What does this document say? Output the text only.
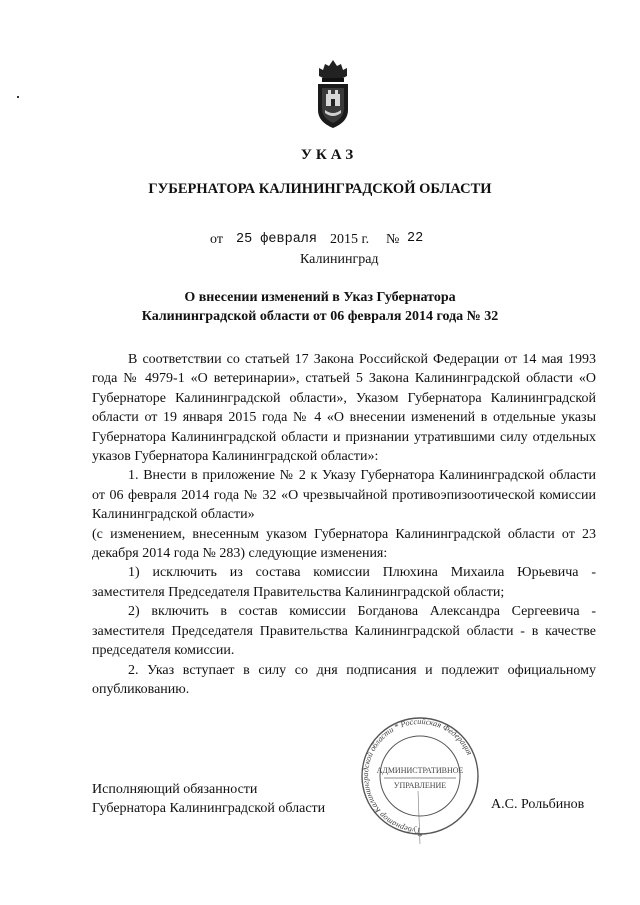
УКАЗ
ГУБЕРНАТОРА КАЛИНИНГРАДСКОЙ ОБЛАСТИ
от 25 февраля 2015 г. № 22
Калининград
О внесении изменений в Указ Губернатора
Калининградской области от 06 февраля 2014 года № 32

В соответствии со статьей 17 Закона Российской Федерации от 14 мая 1993 года № 4979-1 «О ветеринарии», статьей 5 Закона Калининградской области «О Губернаторе Калининградской области», Указом Губернатора Калининградской области от 19 января 2015 года № 4 «О внесении изменений в отдельные указы Губернатора Калининградской области и признании утратившими силу отдельных указов Губернатора Калининградской области»:

1. Внести в приложение № 2 к Указу Губернатора Калининградской области от 06 февраля 2014 года № 32 «О чрезвычайной противоэпизоотической комиссии Калининградской области»

(с изменением, внесенным указом Губернатора Калининградской области от 23 декабря 2014 года № 283) следующие изменения:

1) исключить из состава комиссии Плюхина Михаила Юрьевича - заместителя Председателя Правительства Калининградской области;

2) включить в состав комиссии Богданова Александра Сергеевича - заместителя Председателя Правительства Калининградской области - в качестве председателя комиссии.

2. Указ вступает в силу со дня подписания и подлежит официальному опубликованию.

Губернатор Калининградской области * Российская Федерация
АДМИНИСТРАТИВНОЕ
УПРАВЛЕНИЕ
*
Исполняющий обязанности
Губернатора Калининградской области	А.С. Рольбинов
